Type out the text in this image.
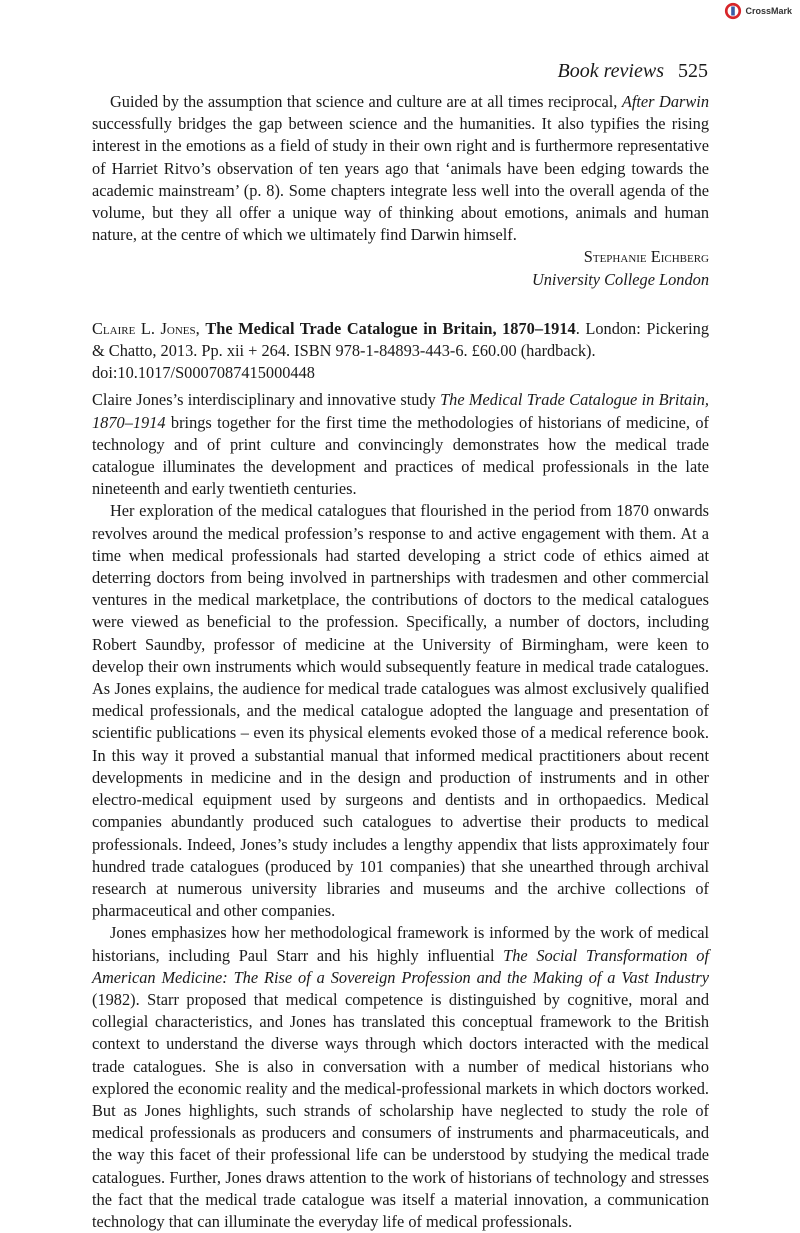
CrossMark
Book reviews 525

Guided by the assumption that science and culture are at all times reciprocal, After Darwin successfully bridges the gap between science and the humanities. It also typifies the rising interest in the emotions as a field of study in their own right and is furthermore representative of Harriet Ritvo’s observation of ten years ago that ‘animals have been edging towards the academic mainstream’ (p. 8). Some chapters integrate less well into the overall agenda of the volume, but they all offer a unique way of thinking about emotions, animals and human nature, at the centre of which we ultimately find Darwin himself.

Stephanie Eichberg
University College London

Claire L. Jones, The Medical Trade Catalogue in Britain, 1870–1914. London: Pickering & Chatto, 2013. Pp. xii + 264. ISBN 978-1-84893-443-6. £60.00 (hardback).
doi:10.1017/S0007087415000448

Claire Jones’s interdisciplinary and innovative study The Medical Trade Catalogue in Britain, 1870–1914 brings together for the first time the methodologies of historians of medicine, of technology and of print culture and convincingly demonstrates how the medical trade catalogue illuminates the development and practices of medical professionals in the late nineteenth and early twentieth centuries.

Her exploration of the medical catalogues that flourished in the period from 1870 onwards revolves around the medical profession’s response to and active engagement with them. At a time when medical professionals had started developing a strict code of ethics aimed at deterring doctors from being involved in partnerships with tradesmen and other commercial ventures in the medical marketplace, the contributions of doctors to the medical catalogues were viewed as beneficial to the profession. Specifically, a number of doctors, including Robert Saundby, professor of medicine at the University of Birmingham, were keen to develop their own instruments which would subsequently feature in medical trade catalogues. As Jones explains, the audience for medical trade catalogues was almost exclusively qualified medical professionals, and the medical catalogue adopted the language and presentation of scientific publications – even its physical elements evoked those of a medical reference book. In this way it proved a substantial manual that informed medical practitioners about recent developments in medicine and in the design and production of instruments and in other electro-medical equipment used by surgeons and dentists and in orthopaedics. Medical companies abundantly produced such catalogues to advertise their products to medical professionals. Indeed, Jones’s study includes a lengthy appendix that lists approximately four hundred trade catalogues (produced by 101 companies) that she unearthed through archival research at numerous university libraries and museums and the archive collections of pharmaceutical and other companies.

Jones emphasizes how her methodological framework is informed by the work of medical historians, including Paul Starr and his highly influential The Social Transformation of American Medicine: The Rise of a Sovereign Profession and the Making of a Vast Industry (1982). Starr proposed that medical competence is distinguished by cognitive, moral and collegial characteristics, and Jones has translated this conceptual framework to the British context to understand the diverse ways through which doctors interacted with the medical trade catalogues. She is also in conversation with a number of medical historians who explored the economic reality and the medical-professional markets in which doctors worked. But as Jones highlights, such strands of scholarship have neglected to study the role of medical professionals as producers and consumers of instruments and pharmaceuticals, and the way this facet of their professional life can be understood by studying the medical trade catalogues. Further, Jones draws attention to the work of historians of technology and stresses the fact that the medical trade catalogue was itself a material innovation, a communication technology that can illuminate the everyday life of medical professionals.
